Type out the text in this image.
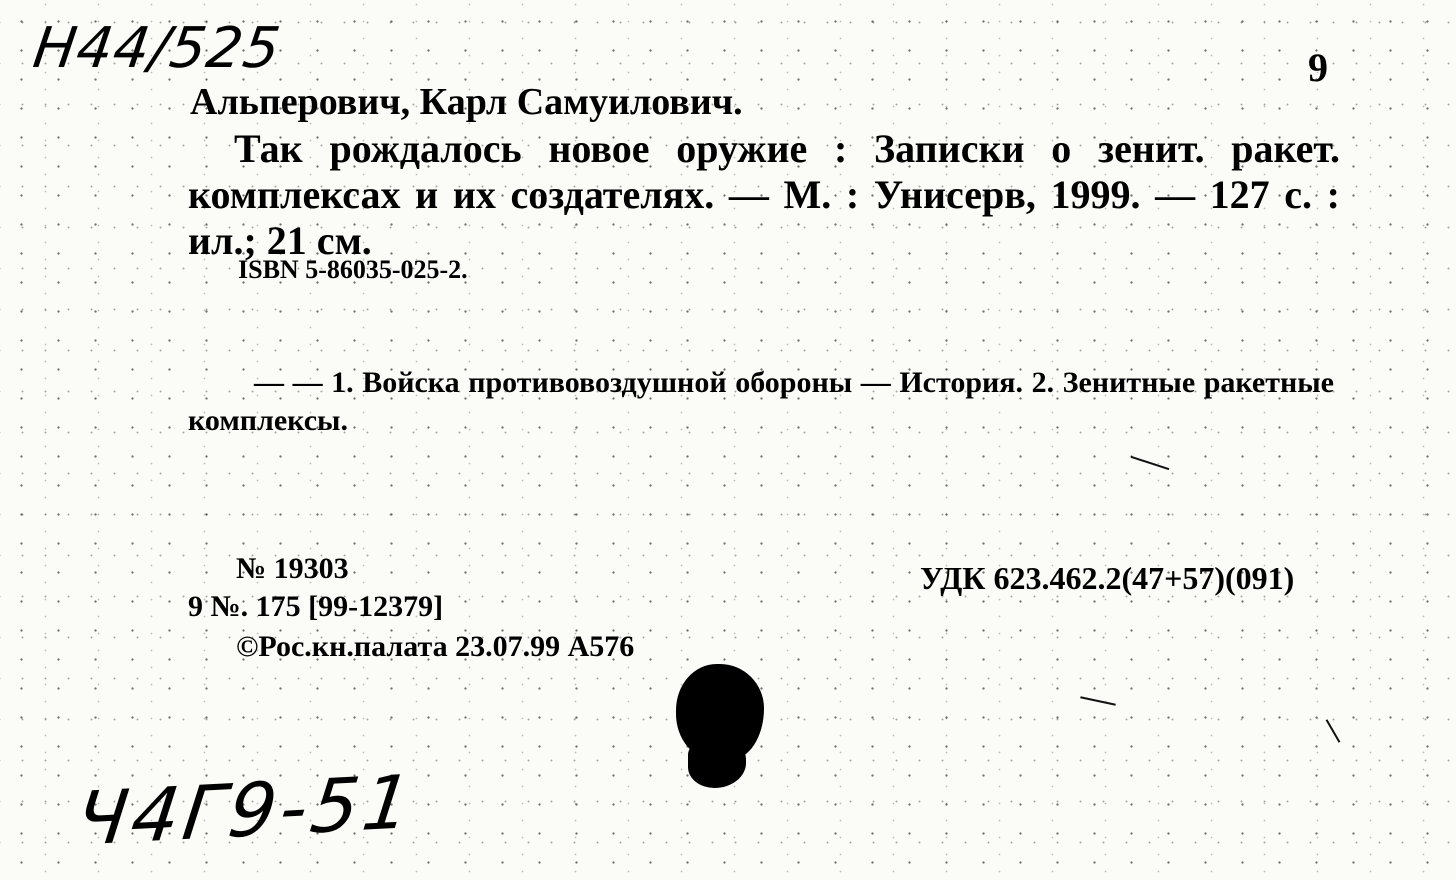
Н44/525	9
Альперович, Карл Самуилович.
Так рождалось новое оружие : Записки о зенит. ракет. комплексах и их создателях. — М. : Унисерв, 1999. — 127 с. : ил.; 21 см.
ISBN 5-86035-025-2.
— — 1. Войска противовоздушной обороны — История. 2. Зенитные ракетные комплексы.
№ 19303
9 №. 175 [99-12379]
©Рос.кн.палата 23.07.99 А576
УДК 623.462.2(47+57)(091)
Ч4Г9-51
